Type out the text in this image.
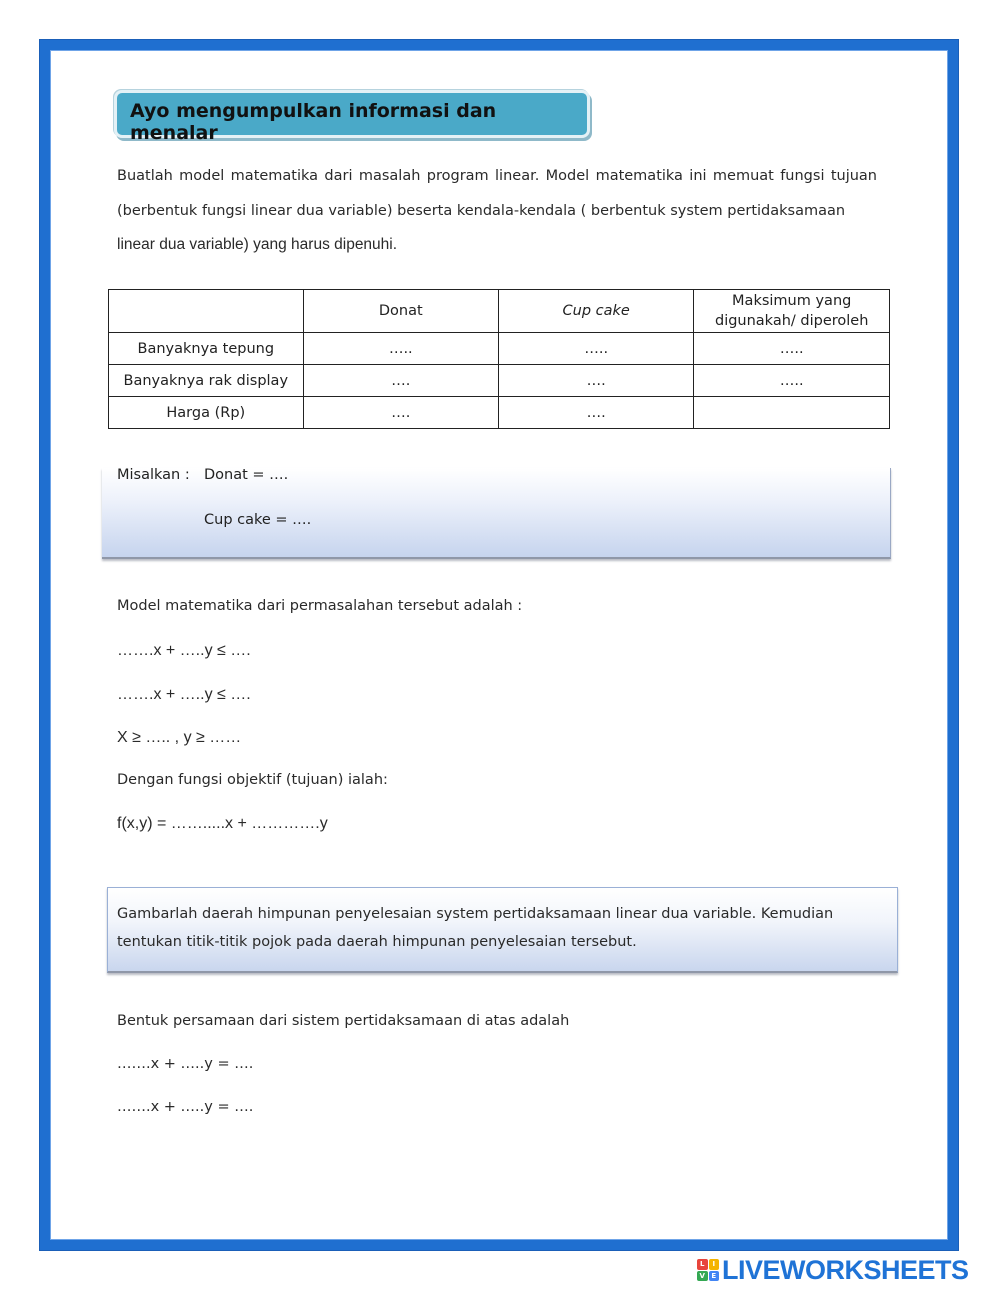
Ayo mengumpulkan informasi dan menalar
Buatlah model matematika dari masalah program linear. Model matematika ini memuat fungsi tujuan
(berbentuk fungsi linear dua variable) beserta kendala-kendala ( berbentuk system pertidaksamaan
linear dua variable) yang harus dipenuhi.
	Donat	Cup cake	Maksimum yang
digunakah/ diperoleh

Banyaknya tepung	…..	…..	…..
Banyaknya rak display	….	….	…..
Harga (Rp)	….	….	
Misalkan : Donat = ….
Cup cake = ….
Model matematika dari permasalahan tersebut adalah :
…….x + …..y ≤ ….
…….x + …..y ≤ ….
X ≥ ….. , y ≥ ……
Dengan fungsi objektif (tujuan) ialah:
f(x,y) = …….....x + ………….y
Gambarlah daerah himpunan penyelesaian system pertidaksamaan linear dua variable. Kemudian
tentukan titik-titik pojok pada daerah himpunan penyelesaian tersebut.
Bentuk persamaan dari sistem pertidaksamaan di atas adalah
…….x + …..y = ….
…….x + …..y = ….
L	I
V E LIVEWORKSHEETS
